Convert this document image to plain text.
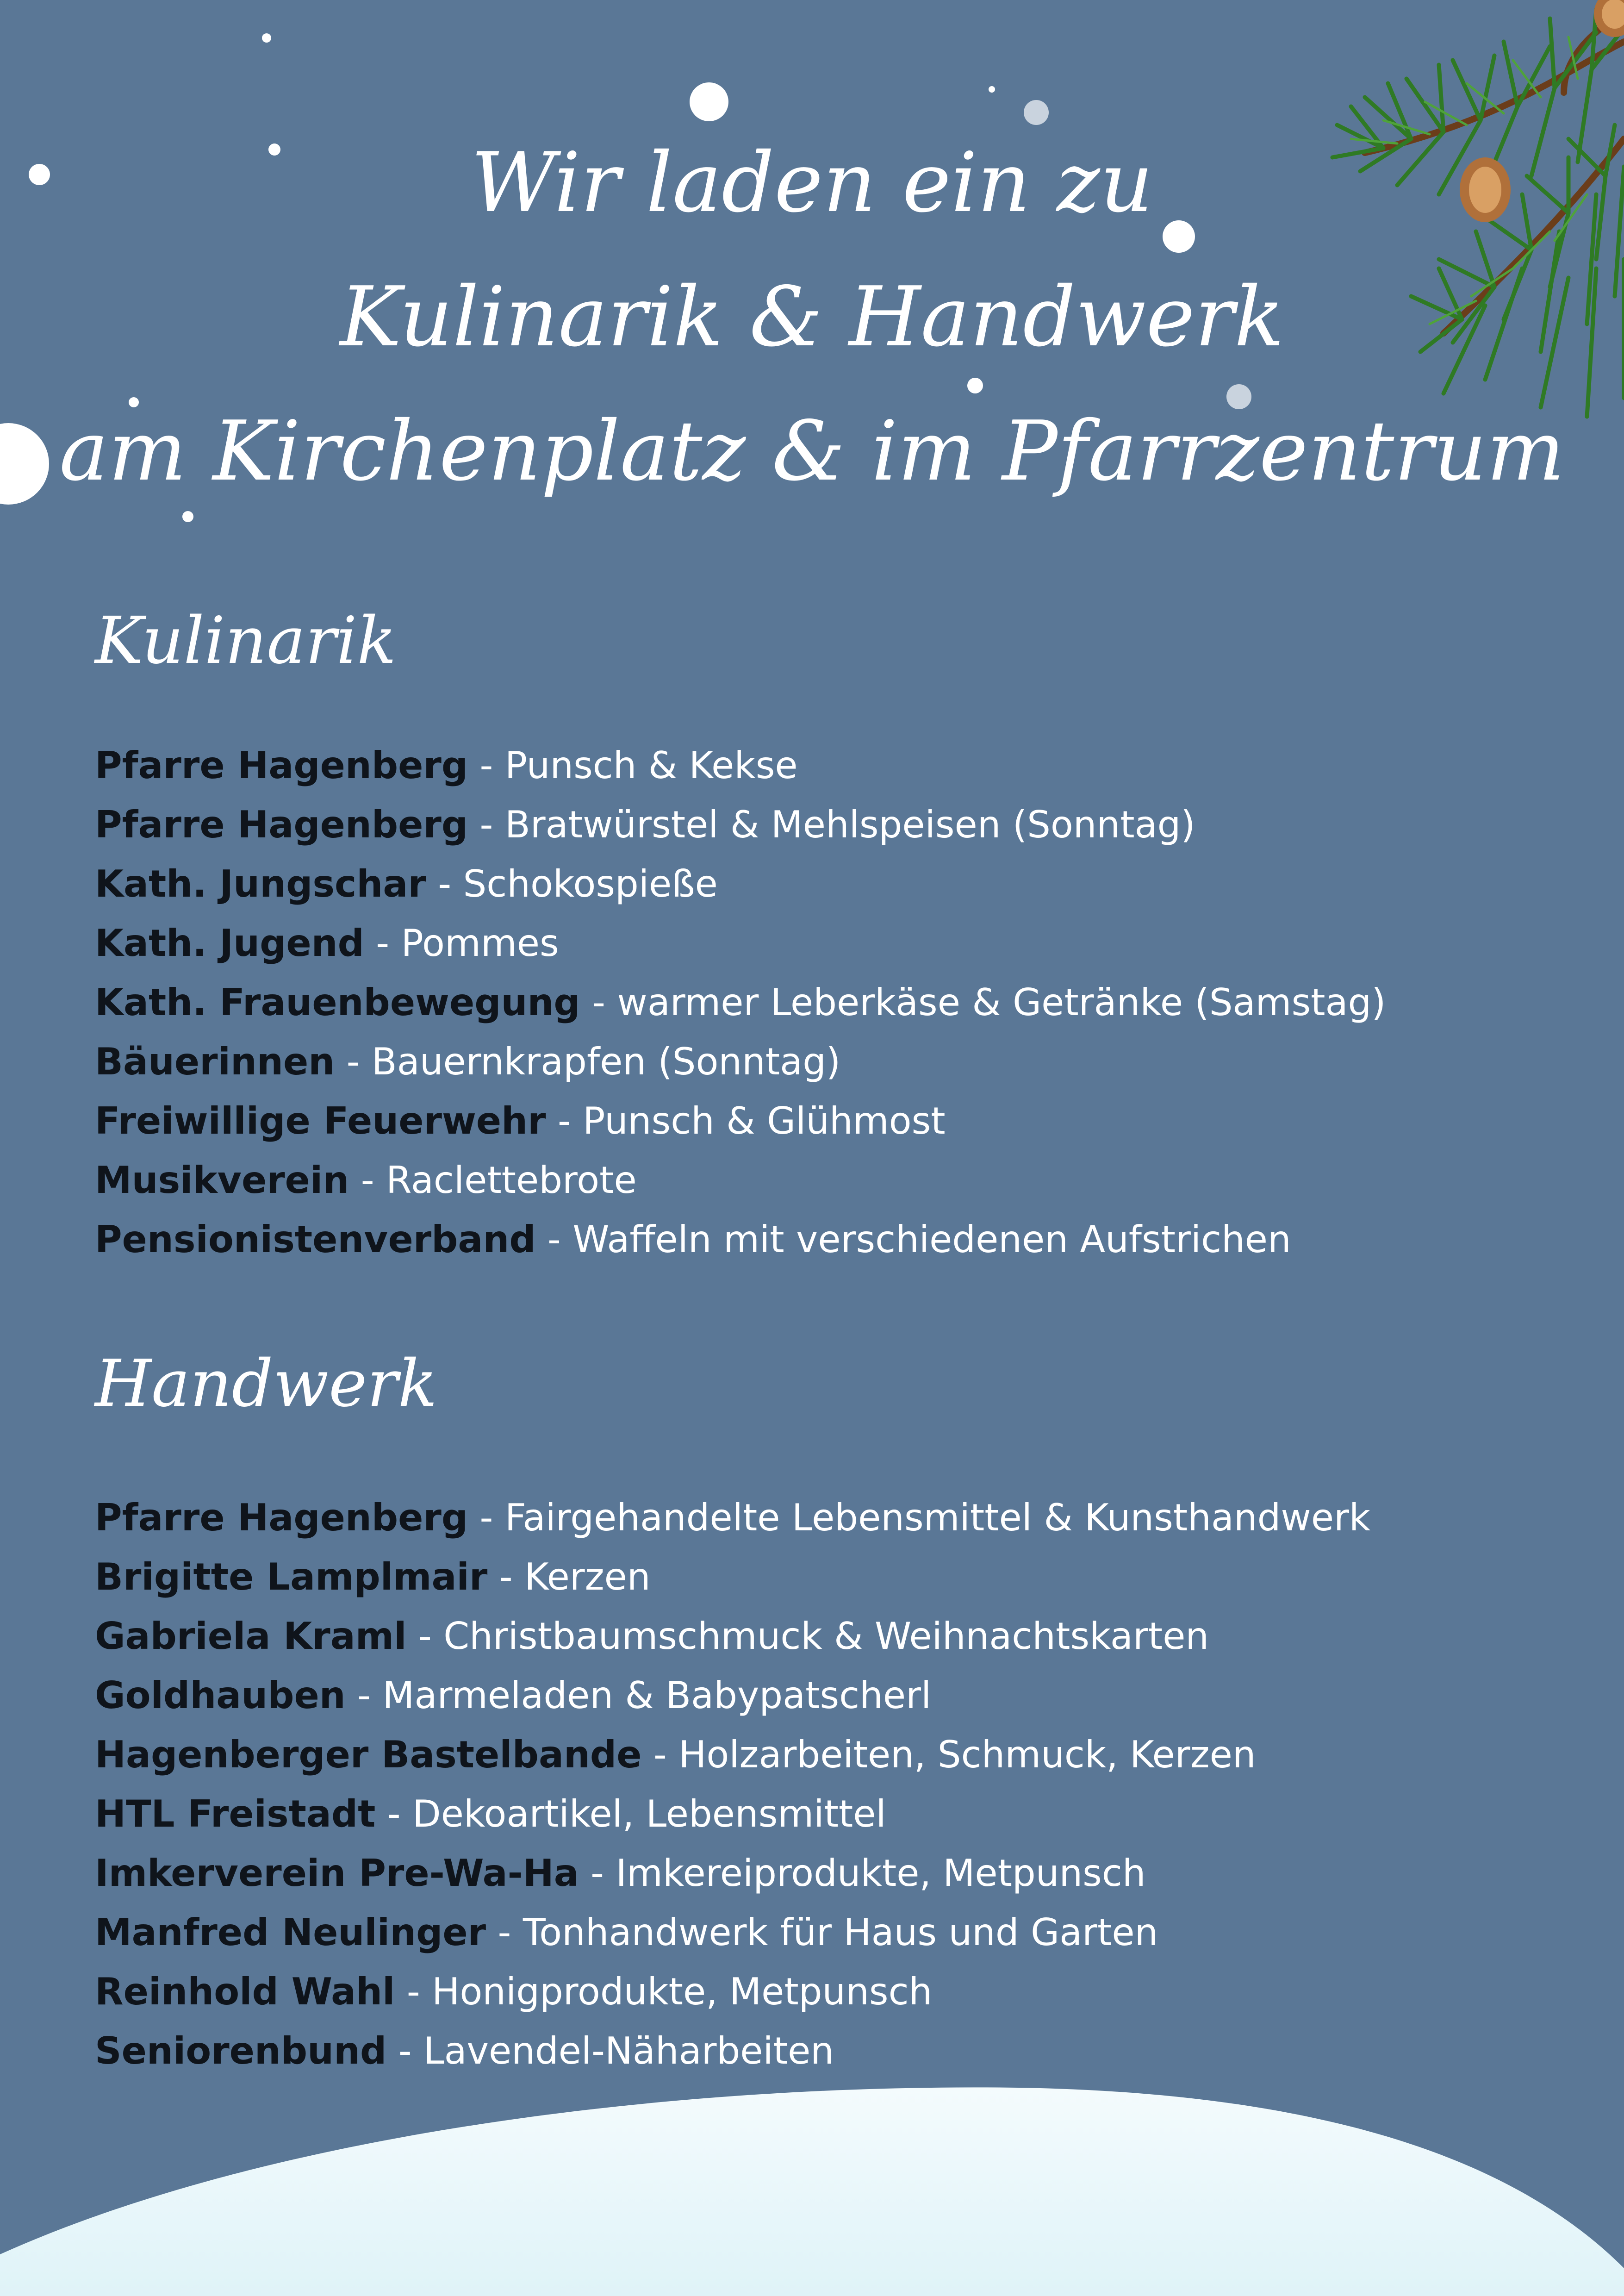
Wir laden ein zu
Kulinarik & Handwerk
am Kirchenplatz & im Pfarrzentrum
Kulinarik
Pfarre Hagenberg - Punsch & Kekse
Pfarre Hagenberg - Bratwürstel & Mehlspeisen (Sonntag)
Kath. Jungschar - Schokospieße
Kath. Jugend - Pommes
Kath. Frauenbewegung - warmer Leberkäse & Getränke (Samstag)
Bäuerinnen - Bauernkrapfen (Sonntag)
Freiwillige Feuerwehr - Punsch & Glühmost
Musikverein - Raclettebrote
Pensionistenverband - Waffeln mit verschiedenen Aufstrichen
Handwerk
Pfarre Hagenberg - Fairgehandelte Lebensmittel & Kunsthandwerk
Brigitte Lamplmair - Kerzen
Gabriela Kraml - Christbaumschmuck & Weihnachtskarten
Goldhauben - Marmeladen & Babypatscherl
Hagenberger Bastelbande - Holzarbeiten, Schmuck, Kerzen
HTL Freistadt - Dekoartikel, Lebensmittel
Imkerverein Pre-Wa-Ha - Imkereiprodukte, Metpunsch
Manfred Neulinger - Tonhandwerk für Haus und Garten
Reinhold Wahl - Honigprodukte, Metpunsch
Seniorenbund - Lavendel-Näharbeiten
